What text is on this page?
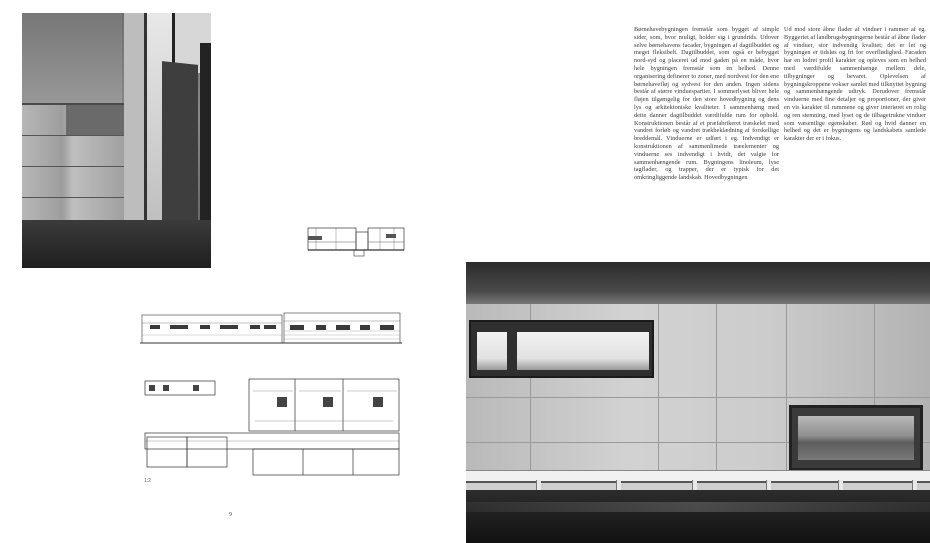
1:2
9
Børnehavebygningen fremstår som bygget af simple sider, som, hvor muligt, holder sig i grundrids. Udover selve børnehavens facader, bygningen af dagtilbuddet og meget fleksibelt. Dagtilbuddet, som også er bebygget nord-syd og placeret ud mod gaden på en måde, hvor hele bygningen fremstår som en helhed. Denne organisering definerer to zoner, med nordvest for den ene børnehavefløj og sydvest for den anden. Ingen sidens består af større vinduespartier. I sommerlyset bliver hele fløjen tilgængelig for den store hovedbygning og dens lys og arkitektoniske kvaliteter. I sammenhæng med dette danner dagtilbuddet værdifulde rum for ophold. Konstruktionen består af et præfabrikeret træskelet med vandret forløb og vandret trækbeklædning af forskellige breddemål. Vinduerne er udført i eg. Indvendigt er konstruktionen af sammenlimede træelementer og vinduerne ses indvendigt i hvidt, det valgte for sammenhængende rum. Bygningens linoleum, lyse tagflader, og trapper, der er typisk for det omkringliggende landskab. Hovedbygningen
Ud mod store åbne flader af vinduer i rammer af eg. Byggeriet af landbrugsbygningerne består af åbne flader af vinduer, stor indvendig kvalitet; det er let og bygningen er tidsløs og fri for overflødighed. Facaden har en lodret profil karakter og opleves som en helhed med værdifulde sammenhænge mellem dele, tilbygninger og bevaret. Oplevelsen af bygningskroppene vokser samlet med tilknyttet bygning og sammenhængende udtryk. Derudover fremstår vinduerne med fine detaljer og proportioner, der giver en vis karakter til rummene og giver interiøret en rolig og ren stemning, med lyset og de tilbagetrukne vinduer som væsentlige egenskaber. Rød og hvid danner en helhed og det er bygningens og landskabets samlede karakter der er i fokus.
